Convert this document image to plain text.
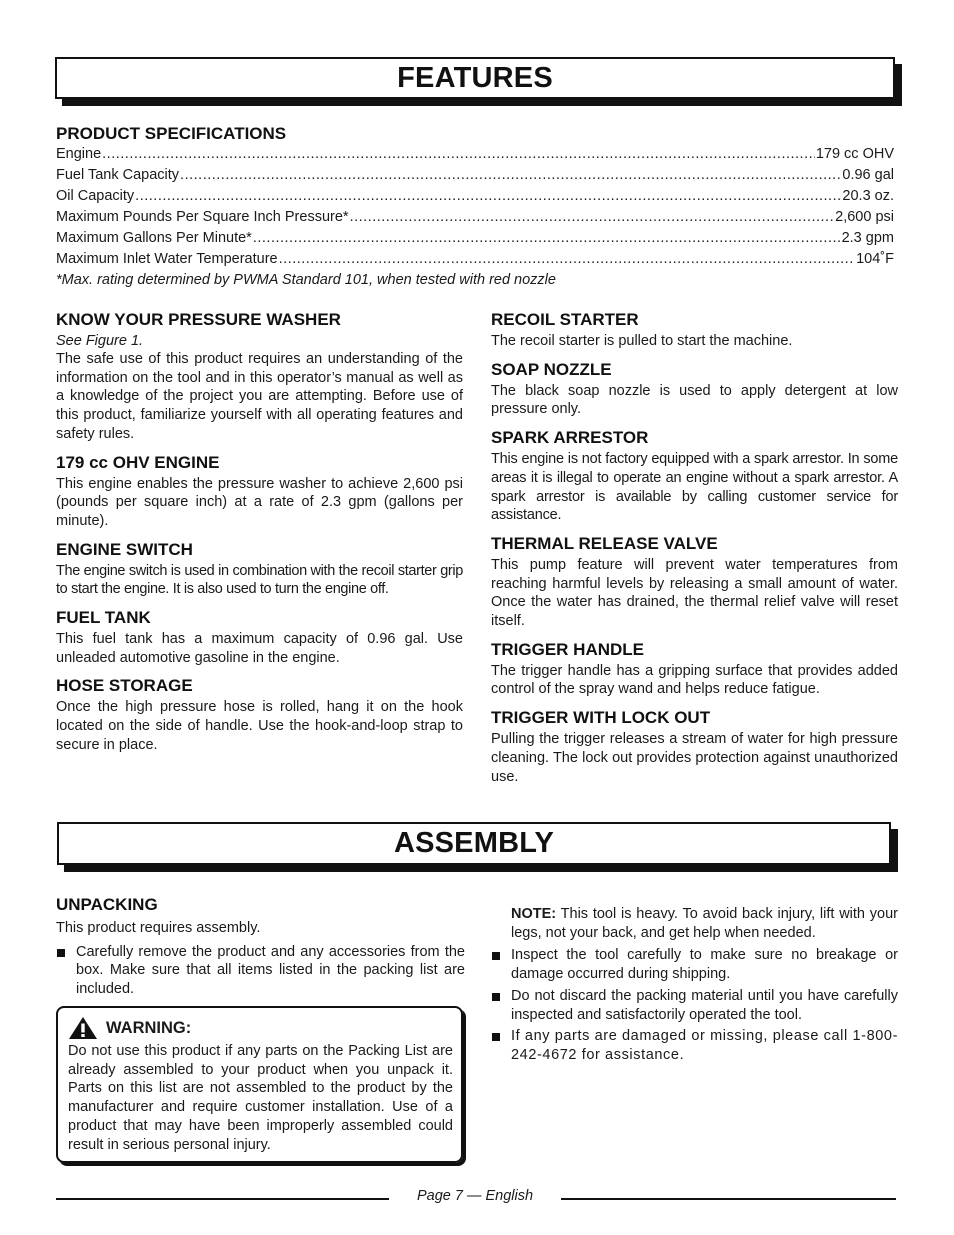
FEATURES

PRODUCT SPECIFICATIONS

Engine .....	179 cc OHV
Fuel Tank Capacity .....	0.96 gal
Oil Capacity .....	20.3 oz.
Maximum Pounds Per Square Inch Pressure* .....	2,600 psi
Maximum Gallons Per Minute* .....	2.3 gpm
Maximum Inlet Water Temperature .....	104˚F
*Max. rating determined by PWMA Standard 101, when tested with red nozzle

KNOW YOUR PRESSURE WASHER

See Figure 1.

The safe use of this product requires an understanding of the information on the tool and in this operator’s manual as well as a knowledge of the project you are attempting. Before use of this product, familiarize yourself with all operating features and safety rules.

179 cc OHV ENGINE

This engine enables the pressure washer to achieve 2,600 psi (pounds per square inch) at a rate of 2.3 gpm (gallons per minute).

ENGINE SWITCH

The engine switch is used in combination with the recoil starter grip to start the engine. It is also used to turn the engine off.

FUEL TANK

This fuel tank has a maximum capacity of 0.96 gal. Use unleaded automotive gasoline in the engine.

HOSE STORAGE

Once the high pressure hose is rolled, hang it on the hook located on the side of handle. Use the hook-and-loop strap to secure in place.

RECOIL STARTER

The recoil starter is pulled to start the machine.

SOAP NOZZLE

The black soap nozzle is used to apply detergent at low pressure only.

SPARK ARRESTOR

This engine is not factory equipped with a spark arrestor. In some areas it is illegal to operate an engine without a spark arrestor. A spark arrestor is available by calling customer service for assistance.

THERMAL RELEASE VALVE

This pump feature will prevent water temperatures from reaching harmful levels by releasing a small amount of water. Once the water has drained, the thermal relief valve will reset itself.

TRIGGER HANDLE

The trigger handle has a gripping surface that provides added control of the spray wand and helps reduce fatigue.

TRIGGER WITH LOCK OUT

Pulling the trigger releases a stream of water for high pressure cleaning. The lock out provides protection against unauthorized use.

ASSEMBLY

UNPACKING

This product requires assembly.

Carefully remove the product and any accessories from the box. Make sure that all items listed in the packing list are included.
WARNING:

Do not use this product if any parts on the Packing List are already assembled to your product when you unpack it. Parts on this list are not assembled to the product by the manufacturer and require customer installation. Use of a product that may have been improperly assembled could result in serious personal injury.

NOTE: This tool is heavy. To avoid back injury, lift with your legs, not your back, and get help when needed.

Inspect the tool carefully to make sure no breakage or damage occurred during shipping.
Do not discard the packing material until you have carefully inspected and satisfactorily operated the tool.
If any parts are damaged or missing, please call 1-800-242-4672 for assistance.
Page 7 — English
